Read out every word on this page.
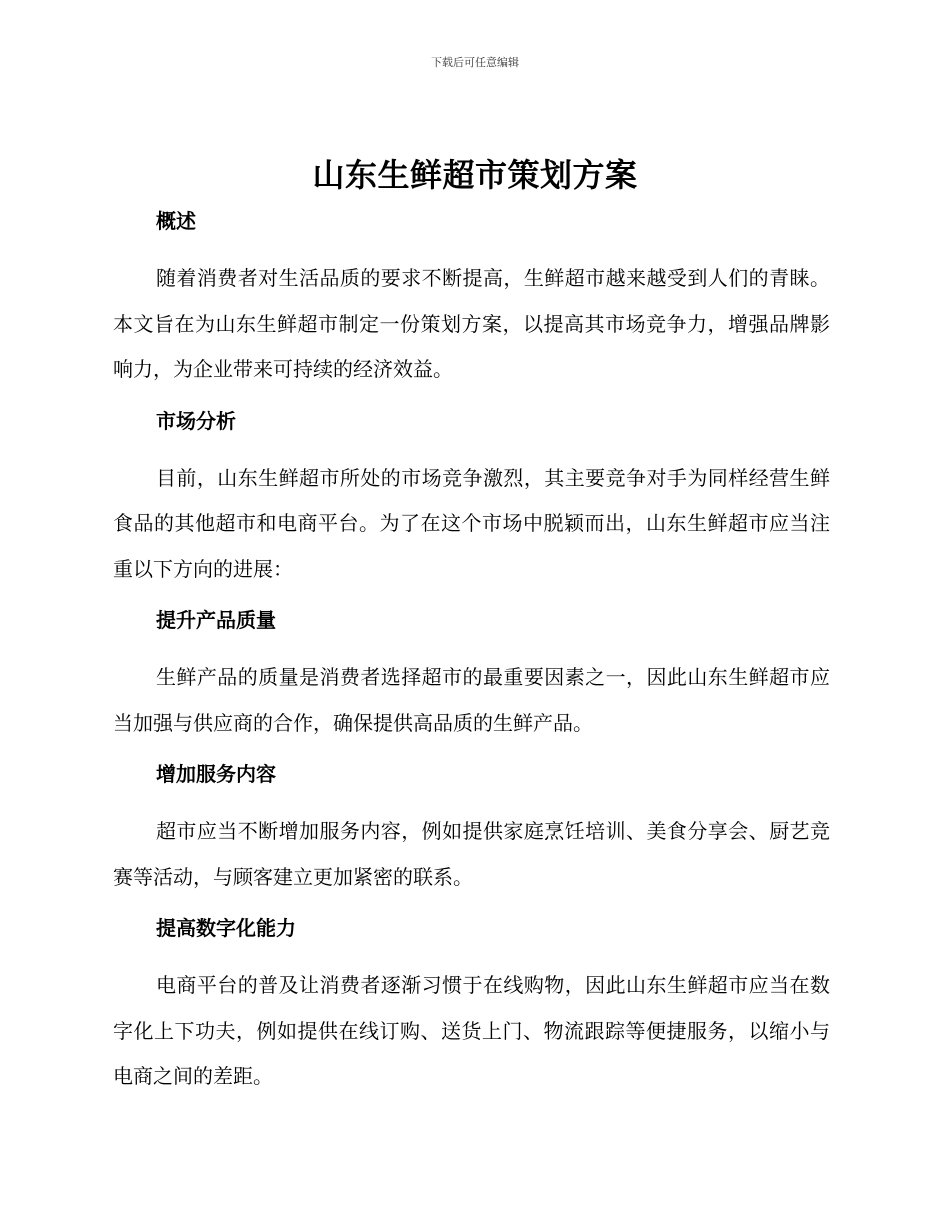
下载后可任意编辑
山东生鲜超市策划方案
概述

随着消费者对生活品质的要求不断提高，生鲜超市越来越受到人们的青睐。本文旨在为山东生鲜超市制定一份策划方案，以提高其市场竞争力，增强品牌影响力，为企业带来可持续的经济效益。

市场分析

目前，山东生鲜超市所处的市场竞争激烈，其主要竞争对手为同样经营生鲜食品的其他超市和电商平台。为了在这个市场中脱颖而出，山东生鲜超市应当注重以下方向的进展：

提升产品质量

生鲜产品的质量是消费者选择超市的最重要因素之一，因此山东生鲜超市应当加强与供应商的合作，确保提供高品质的生鲜产品。

增加服务内容

超市应当不断增加服务内容，例如提供家庭烹饪培训、美食分享会、厨艺竞赛等活动，与顾客建立更加紧密的联系。

提高数字化能力

电商平台的普及让消费者逐渐习惯于在线购物，因此山东生鲜超市应当在数字化上下功夫，例如提供在线订购、送货上门、物流跟踪等便捷服务，以缩小与电商之间的差距。
